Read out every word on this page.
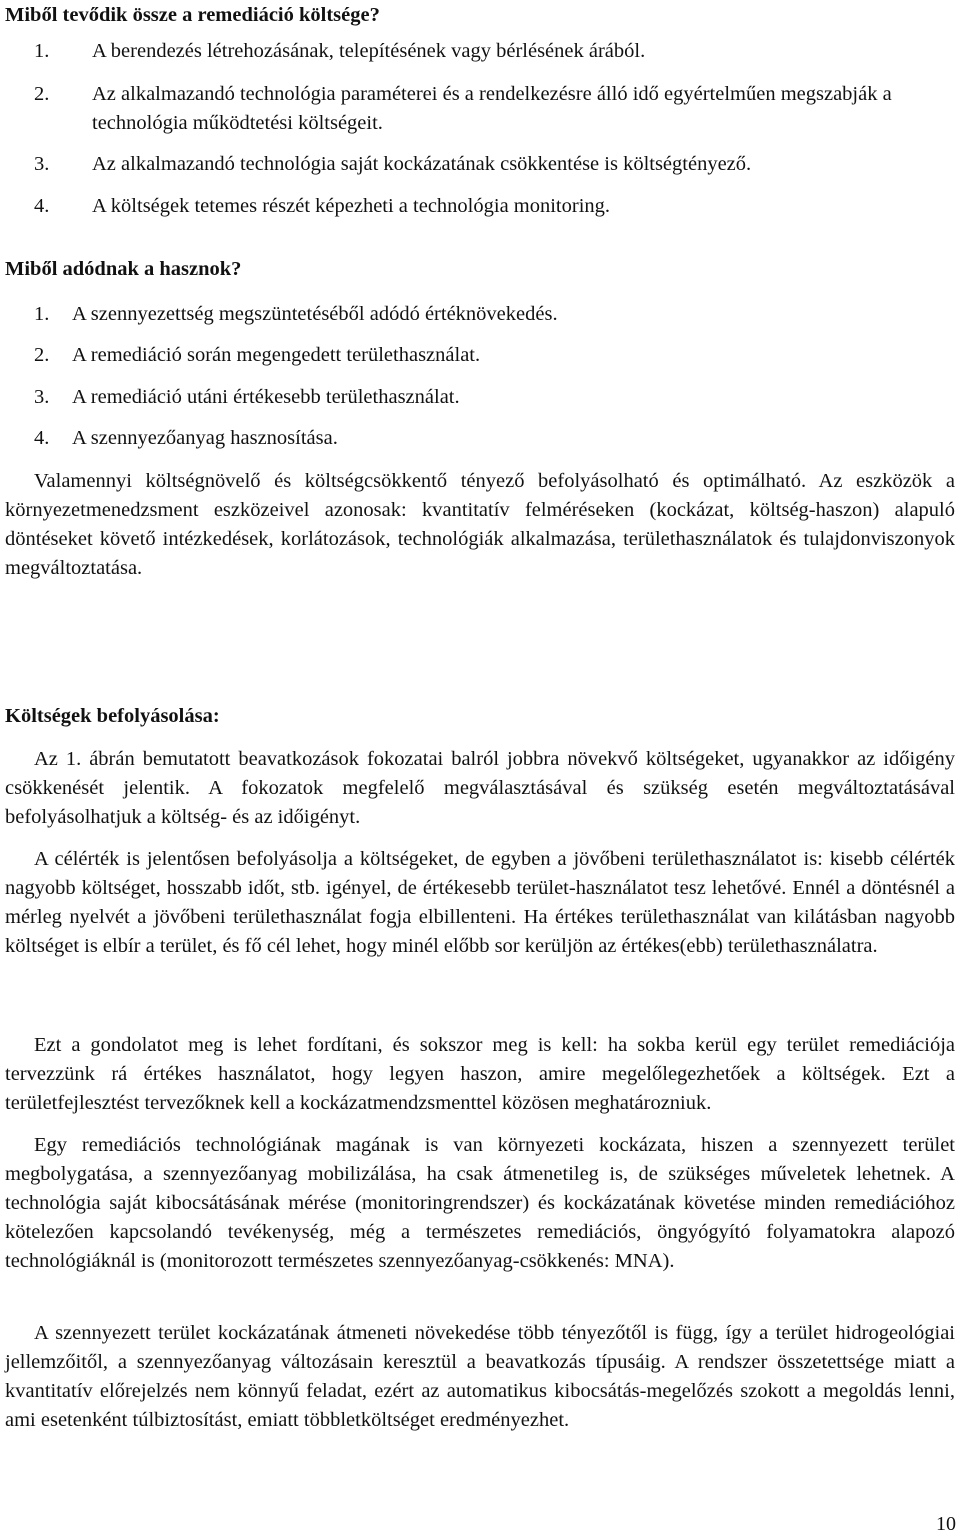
Miből tevődik össze a remediáció költsége?
1. A berendezés létrehozásának, telepítésének vagy bérlésének árából.
2. Az alkalmazandó technológia paraméterei és a rendelkezésre álló idő egyértelműen megszabják a technológia működtetési költségeit.
3. Az alkalmazandó technológia saját kockázatának csökkentése is költségtényező.
4. A költségek tetemes részét képezheti a technológia monitoring.
Miből adódnak a hasznok?
1. A szennyezettség megszüntetéséből adódó értéknövekedés.
2. A remediáció során megengedett területhasználat.
3. A remediáció utáni értékesebb területhasználat.
4. A szennyezőanyag hasznosítása.

Valamennyi költségnövelő és költségcsökkentő tényező befolyásolható és optimálható. Az eszközök a környezetmenedzsment eszközeivel azonosak: kvantitatív felméréseken (kockázat, költség-haszon) alapuló döntéseket követő intézkedések, korlátozások, technológiák alkalmazása, területhasználatok és tulajdonviszonyok megváltoztatása.

Költségek befolyásolása:

Az 1. ábrán bemutatott beavatkozások fokozatai balról jobbra növekvő költségeket, ugyanakkor az időigény csökkenését jelentik. A fokozatok megfelelő megválasztásával és szükség esetén megváltoztatásával befolyásolhatjuk a költség- és az időigényt.

A célérték is jelentősen befolyásolja a költségeket, de egyben a jövőbeni területhasználatot is: kisebb célérték nagyobb költséget, hosszabb időt, stb. igényel, de értékesebb terület-használatot tesz lehetővé. Ennél a döntésnél a mérleg nyelvét a jövőbeni területhasználat fogja elbillenteni. Ha értékes területhasználat van kilátásban nagyobb költséget is elbír a terület, és fő cél lehet, hogy minél előbb sor kerüljön az értékes(ebb) területhasználatra.

Ezt a gondolatot meg is lehet fordítani, és sokszor meg is kell: ha sokba kerül egy terület remediációja tervezzünk rá értékes használatot, hogy legyen haszon, amire megelőlegezhetőek a költségek. Ezt a területfejlesztést tervezőknek kell a kockázatmendzsmenttel közösen meghatározniuk.

Egy remediációs technológiának magának is van környezeti kockázata, hiszen a szennyezett terület megbolygatása, a szennyezőanyag mobilizálása, ha csak átmenetileg is, de szükséges műveletek lehetnek. A technológia saját kibocsátásának mérése (monitoringrendszer) és kockázatának követése minden remediációhoz kötelezően kapcsolandó tevékenység, még a természetes remediációs, öngyógyító folyamatokra alapozó technológiáknál is (monitorozott természetes szennyezőanyag-csökkenés: MNA).

A szennyezett terület kockázatának átmeneti növekedése több tényezőtől is függ, így a terület hidrogeológiai jellemzőitől, a szennyezőanyag változásain keresztül a beavatkozás típusáig. A rendszer összetettsége miatt a kvantitatív előrejelzés nem könnyű feladat, ezért az automatikus kibocsátás-megelőzés szokott a megoldás lenni, ami esetenként túlbiztosítást, emiatt többletköltséget eredményezhet.

10
